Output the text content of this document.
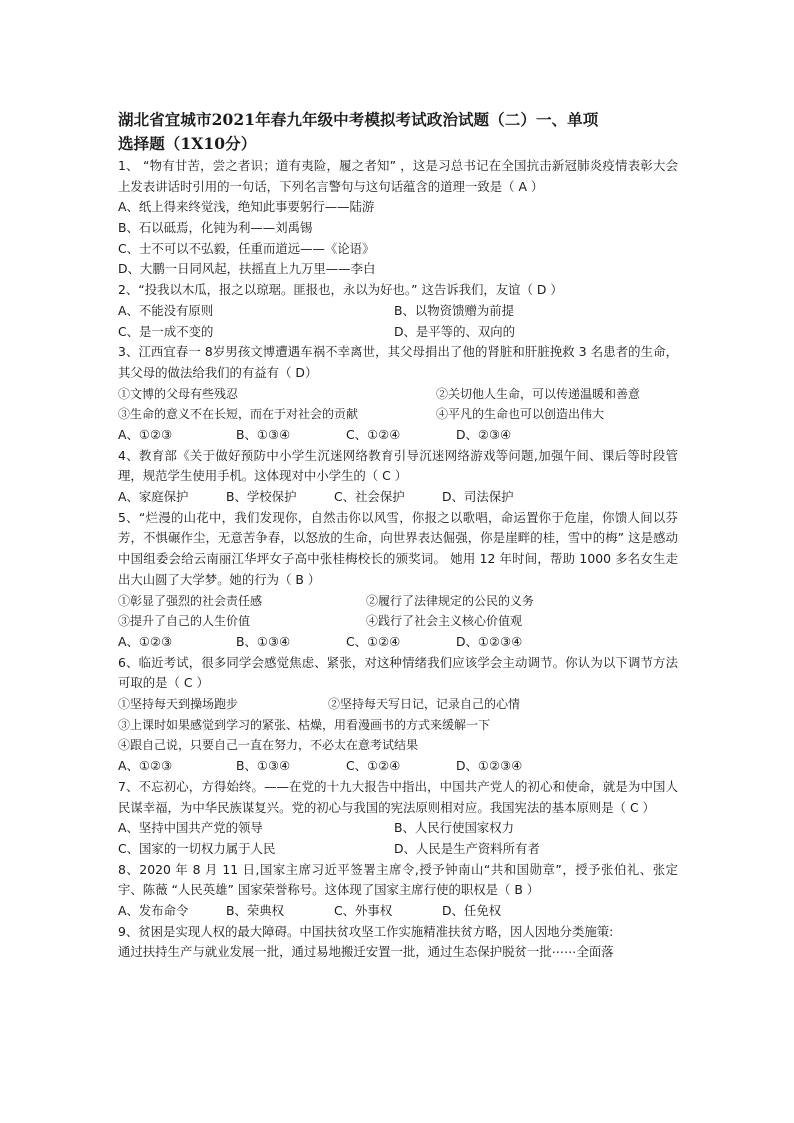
湖北省宜城市2021年春九年级中考模拟考试政治试题（二）一、单项
选择题（1X10分）
1、 “物有甘苦，尝之者识；道有夷险，履之者知” ，这是习总书记在全国抗击新冠肺炎疫情表彰大会上发表讲话时引用的一句话，下列名言警句与这句话蕴含的道理一致是（ A ）
A、纸上得来终觉浅，绝知此事要躬行——陆游
B、石以砥焉，化钝为利——刘禹锡
C、士不可以不弘毅，任重而道远——《论语》
D、大鹏一日同风起，扶摇直上九万里——李白
2、“投我以木瓜，报之以琼琚。匪报也，永以为好也。” 这告诉我们，友谊（ D ）
A、不能没有原则	B、以物资馈赠为前提
C、是一成不变的	D、是平等的、双向的
3、江西宜春一 8岁男孩文博遭遇车祸不幸离世，其父母捐出了他的肾脏和肝脏挽救 3 名患者的生命，其父母的做法给我们的有益有（ D）
①文博的父母有些残忍	②关切他人生命，可以传递温暖和善意
③生命的意义不在长短，而在于对社会的贡献	④平凡的生命也可以创造出伟大
A、①②③	B、①③④	C、①②④	D、②③④
4、教育部《关于做好预防中小学生沉迷网络教育引导沉迷网络游戏等问题,加强午间、课后等时段管理，规范学生使用手机。这体现对中小学生的（ C ）
A、家庭保护	B、学校保护	C、社会保护	D、司法保护
5、“烂漫的山花中，我们发现你，自然击你以风雪，你报之以歌唱，命运置你于危崖，你馈人间以芬芳，不惧碾作尘，无意苦争春，以怒放的生命，向世界表达倔强，你是崖畔的桂，雪中的梅” 这是感动中国组委会给云南丽江华坪女子高中张桂梅校长的颁奖词。 她用 12 年时间，帮助 1000 多名女生走出大山圆了大学梦。她的行为（ B ）
①彰显了强烈的社会责任感	②履行了法律规定的公民的义务
③提升了自己的人生价值	④践行了社会主义核心价值观
A、①②③	B、①③④	C、①②④	D、①②③④
6、临近考试，很多同学会感觉焦虑、紧张，对这种情绪我们应该学会主动调节。你认为以下调节方法可取的是（ C ）
①坚持每天到操场跑步	②坚持每天写日记，记录自己的心情
③上课时如果感觉到学习的紧张、枯燥，用看漫画书的方式来缓解一下
④跟自己说，只要自己一直在努力，不必太在意考试结果
A、①②③	B、①③④	C、①②④	D、①②③④
7、不忘初心，方得始终。——在党的十九大报告中指出，中国共产党人的初心和使命，就是为中国人民谋幸福，为中华民族谋复兴。党的初心与我国的宪法原则相对应。我国宪法的基本原则是（ C ）
A、坚持中国共产党的领导	B、人民行使国家权力
C、国家的一切权力属于人民	D、人民是生产资料所有者
8、2020 年 8 月 11 日,国家主席习近平签署主席令,授予钟南山“共和国勋章”，授予张伯礼、张定宇、陈薇 “人民英雄” 国家荣誉称号。这体现了国家主席行使的职权是（ B ）
A、发布命令	B、荣典权	C、外事权	D、任免权
9、贫困是实现人权的最大障碍。中国扶贫攻坚工作实施精准扶贫方略，因人因地分类施策:
通过扶持生产与就业发展一批，通过易地搬迁安置一批，通过生态保护脱贫一批⋯⋯全面落
